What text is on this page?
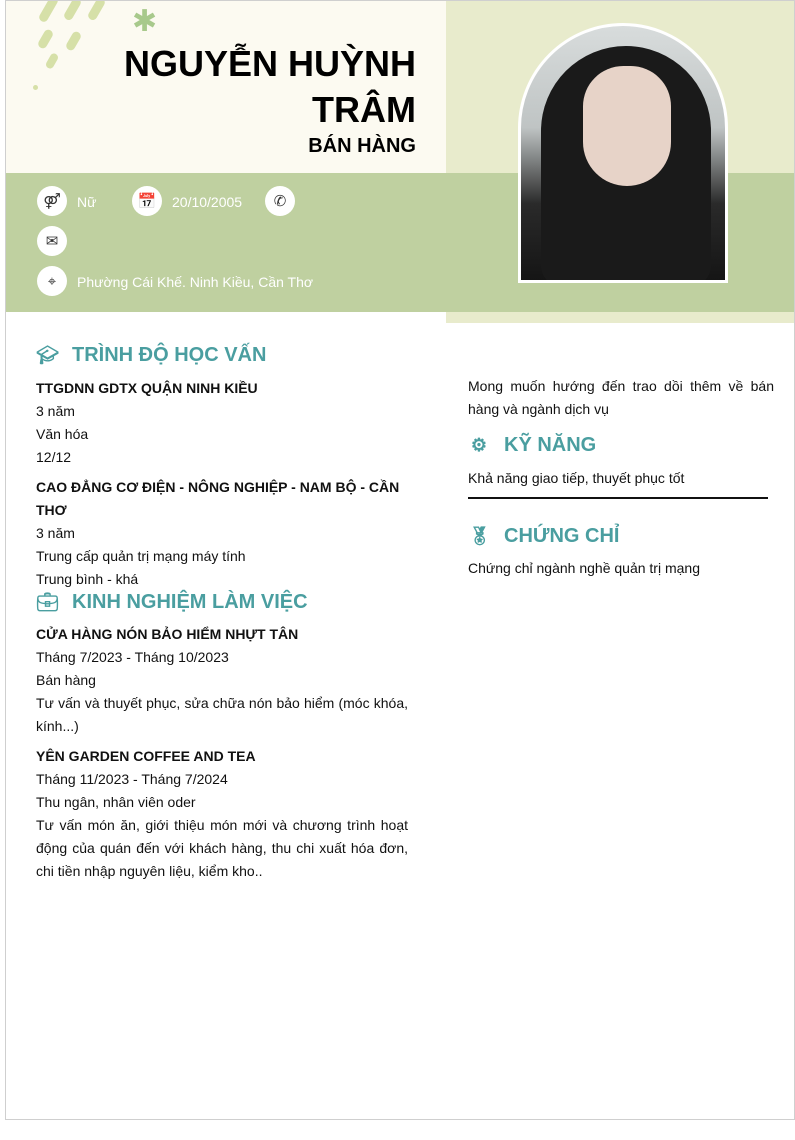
✱
NGUYỄN HUỲNH TRÂM
BÁN HÀNG
⚤	Nữ	📅	20/10/2005	✆
✉
⌖	Phường Cái Khế. Ninh Kiều, Cần Thơ
🎓︎ TRÌNH ĐỘ HỌC VẤN
TTGDNN GDTX QUẬN NINH KIỀU
3 năm
Văn hóa
12/12
CAO ĐẲNG CƠ ĐIỆN - NÔNG NGHIỆP - NAM BỘ - CẦN THƠ
3 năm
Trung cấp quản trị mạng máy tính
Trung bình - khá
💼︎ KINH NGHIỆM LÀM VIỆC
CỬA HÀNG NÓN BẢO HIỂM NHỰT TÂN
Tháng 7/2023 - Tháng 10/2023
Bán hàng
Tư vấn và thuyết phục, sửa chữa nón bảo hiểm (móc khóa, kính...)
YÊN GARDEN COFFEE AND TEA
Tháng 11/2023 - Tháng 7/2024
Thu ngân, nhân viên oder
Tư vấn món ăn, giới thiệu món mới và chương trình hoạt động của quán đến với khách hàng, thu chi xuất hóa đơn, chi tiền nhập nguyên liệu, kiểm kho..
Mong muốn hướng đến trao dồi thêm về bán hàng và ngành dịch vụ
⚙ KỸ NĂNG
Khả năng giao tiếp, thuyết phục tốt
🏅︎ CHỨNG CHỈ
Chứng chỉ ngành nghề quản trị mạng
